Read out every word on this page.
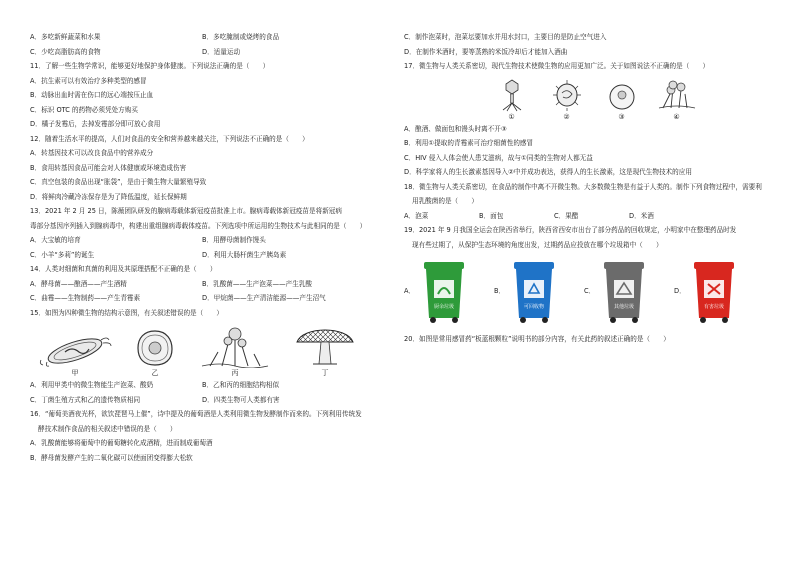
A．多吃新鲜蔬菜和水果	B．多吃腌制或烧烤的食品
C．少吃高脂肪高的食物	D．适量运动
11．了解一些生物学常识，能够更好地保护身体健康。下列说法正确的是（　　）
A．抗生素可以有效治疗多种类型的感冒
B．动脉出血时需在伤口的远心端按压止血
C．标识 OTC 的药物必须凭处方购买
D．橘子发霉后，去掉发霉部分即可放心食用
12．随着生活水平的提高，人们对食品的安全和营养越来越关注，下列说法不正确的是（　　）
A．转基因技术可以改良食品中的营养成分
B．食用转基因食品可能会对人体健康或环境造成伤害
C．真空包装的食品出现“胀袋”，是由于微生物大量繁殖导致
D．将鲜肉冷藏冷冻保存是为了降低温度，延长保鲜期
13．2021 年 2 月 25 日，陈薇团队研发的腺病毒载体新冠疫苗批准上市。腺病毒载体新冠疫苗是将新冠病
毒部分基因序列插入到腺病毒中，构建出重组腺病毒载体疫苗。下列选项中所运用的生物技术与此相同的是（　　）
A．大宝敏的培育	B．用酵母菌制作馒头
C．小羊“多莉”的诞生	D．利用大肠杆菌生产胰岛素
14．人类对细菌和真菌的利用及其原理搭配不正确的是（　　）
A．酵母菌——酿酒——产生酒精	B．乳酸菌——生产泡菜——产生乳酸
C．曲霉——生物制药——产生青霉素	D．甲烷菌——生产清洁能源——产生沼气
15．如图为四种微生物的结构示意图，有关叙述错误的是（　　）
甲	乙	丙	丁
A．利用甲类中的微生物能生产泡菜、酸奶	B．乙和丙的细胞结构相似
C．丁菌生殖方式和乙的遗传物质相同	D．四类生物可人类都有害
16．“葡萄美酒夜光杯，欲饮琵琶马上催”，诗中提及的葡萄酒是人类利用微生物发酵制作而来的。下列利用传统发
酵技术制作食品的相关叙述中错误的是（　　）
A．乳酸菌能够将葡萄中的葡萄糖转化成酒精，进而制成葡萄酒
B．酵母菌发酵产生的二氧化碳可以使面团变得膨大松软
C．制作泡菜时，泡菜坛要加水并用水封口，主要目的是防止空气进入
D．在制作米酒时，要等蒸熟的米饭冷却后才能加入酒曲
17．微生物与人类关系密切，现代生物技术使微生物的应用更加广泛。关于如图说法不正确的是（　　）
①	②	③	④
A．酿酒、做面包和馒头时离不开③
B．利用①提取的青霉素可治疗细菌性的感冒
C．HIV 侵入人体会使人患艾滋病，故与①同类的生物对人都无益
D．科学家将人的生长激素基因导入②中并成功表达，获得人的生长激素，这是现代生物技术的应用
18．微生物与人类关系密切，在食品的制作中离不开微生物。大多数微生物是有益于人类的。制作下列食物过程中，需要利
用乳酸菌的是（　　）
A．泡菜	B．面包	C．果醋	D．米酒
19．2021 年 9 月我国全运会在陕西省举行，陕西省西安市出台了部分药品的回收规定，小明家中在整理药品时发
现有些过期了，从保护生态环境的角度出发，过期药品应投放在哪个垃圾箱中（　　）
A．
厨余垃圾
B．
可回收物
C．
其他垃圾
D．
有害垃圾
20．如图是常用感冒药“板蓝根颗粒”说明书的部分内容，有关此药的叙述正确的是（　　）
